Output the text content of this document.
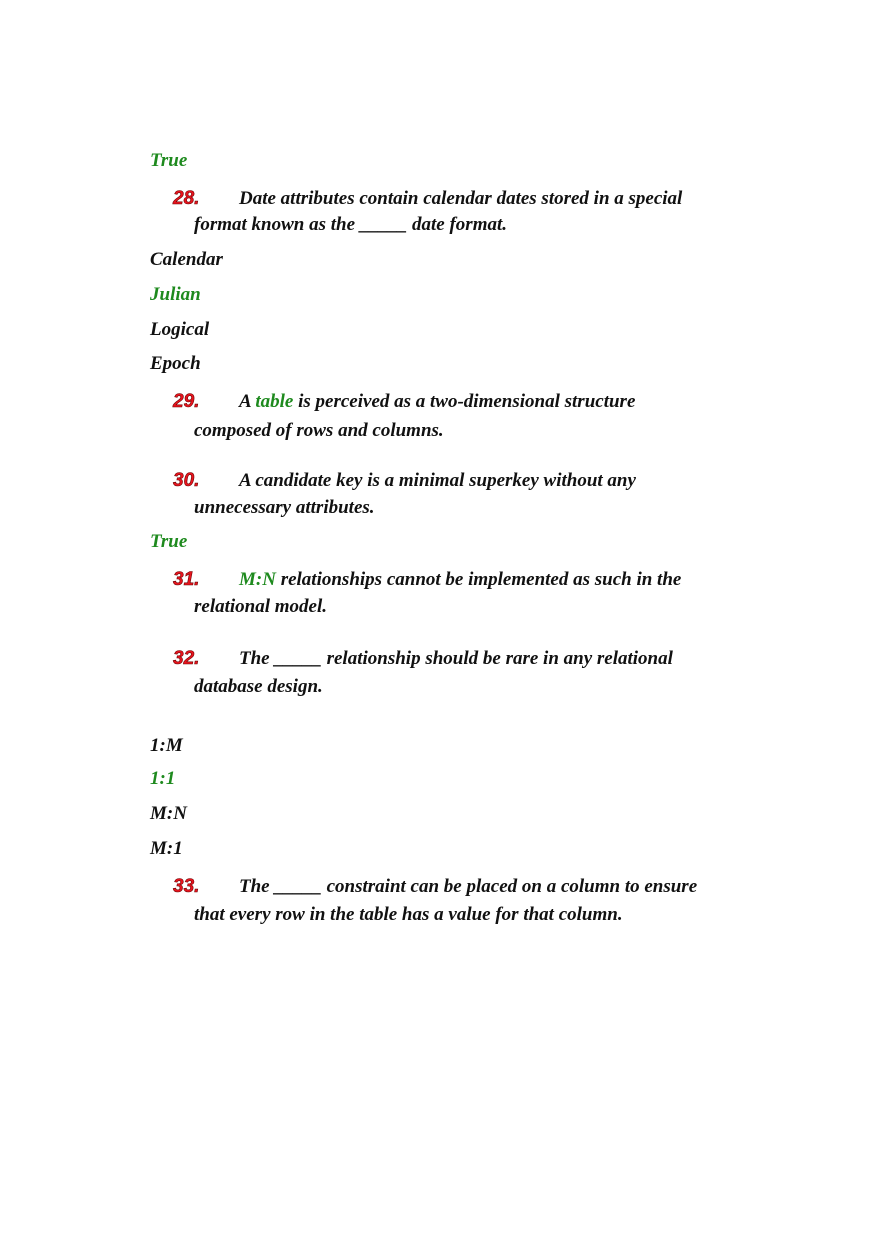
True
28. Date attributes contain calendar dates stored in a special
format known as the _____ date format.
Calendar
Julian
Logical
Epoch
29. A table is perceived as a two-dimensional structure
composed of rows and columns.
30. A candidate key is a minimal superkey without any
unnecessary attributes.
True
31. M:N relationships cannot be implemented as such in the
relational model.
32. The _____ relationship should be rare in any relational
database design.
1:M
1:1
M:N
M:1
33. The _____ constraint can be placed on a column to ensure
that every row in the table has a value for that column.
